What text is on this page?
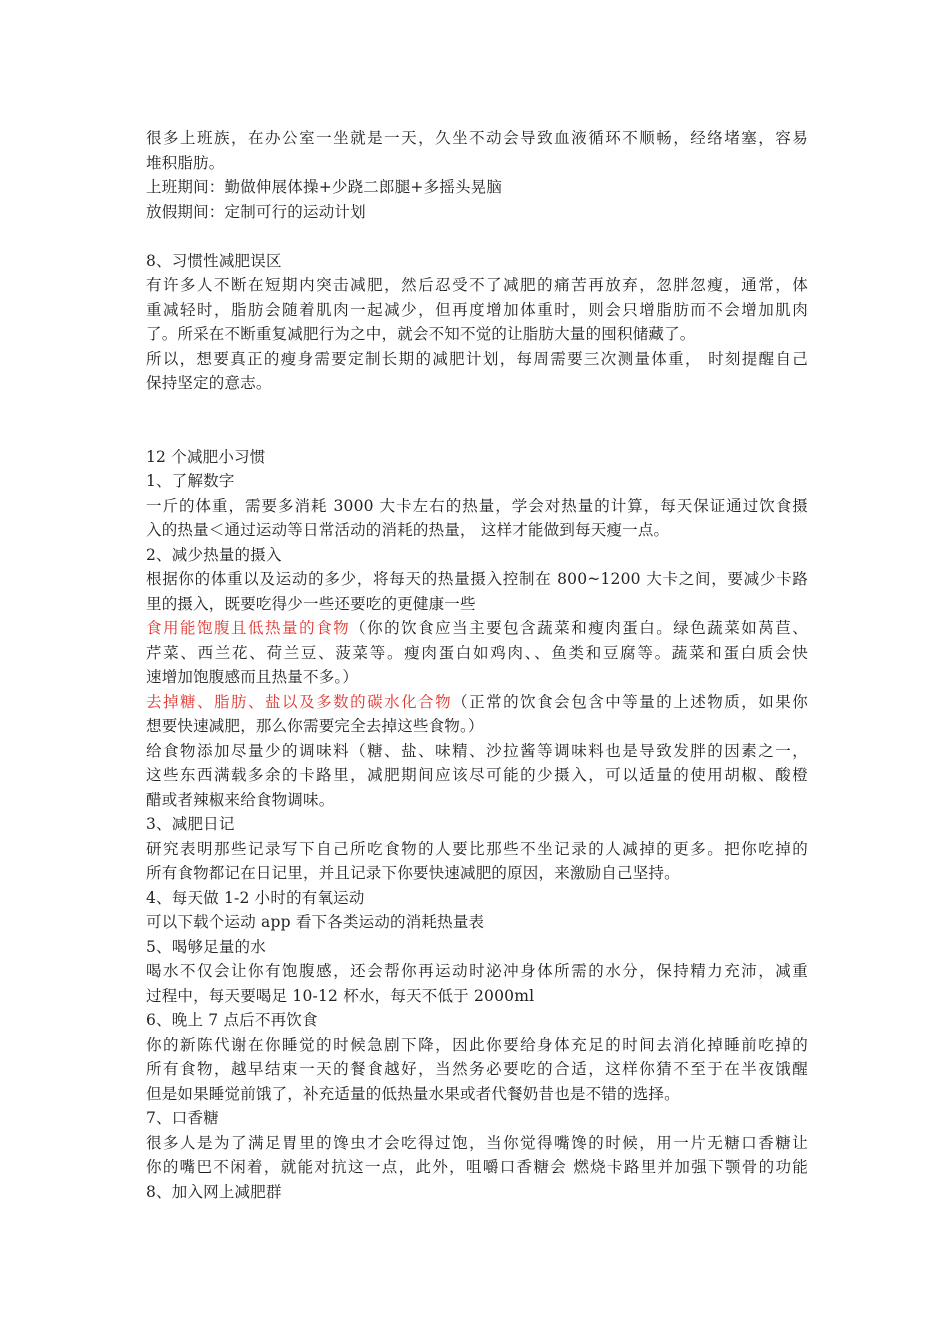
很多上班族，在办公室一坐就是一天，久坐不动会导致血液循环不顺畅，经络堵塞，容易
堆积脂肪。
上班期间：勤做伸展体操+少跷二郎腿+多摇头晃脑
放假期间：定制可行的运动计划
8、习惯性减肥误区
有许多人不断在短期内突击减肥，然后忍受不了减肥的痛苦再放弃，忽胖忽瘦，通常，体
重减轻时，脂肪会随着肌肉一起减少，但再度增加体重时，则会只增脂肪而不会增加肌肉
了。所采在不断重复减肥行为之中，就会不知不觉的让脂肪大量的囤积储藏了。
所以，想要真正的瘦身需要定制长期的减肥计划，每周需要三次测量体重， 时刻提醒自己
保持坚定的意志。
12 个减肥小习惯
1、了解数字
一斤的体重，需要多消耗 3000 大卡左右的热量，学会对热量的计算，每天保证通过饮食摄
入的热量＜通过运动等日常活动的消耗的热量， 这样才能做到每天瘦一点。
2、减少热量的摄入
根据你的体重以及运动的多少，将每天的热量摄入控制在 800~1200 大卡之间，要减少卡路
里的摄入，既要吃得少一些还要吃的更健康一些
食用能饱腹且低热量的食物（你的饮食应当主要包含蔬菜和瘦肉蛋白。绿色蔬菜如莴苣、
芹菜、西兰花、荷兰豆、菠菜等。瘦肉蛋白如鸡肉、、鱼类和豆腐等。蔬菜和蛋白质会快
速增加饱腹感而且热量不多。）
去掉糖、脂肪、盐以及多数的碳水化合物（正常的饮食会包含中等量的上述物质，如果你
想要快速减肥，那么你需要完全去掉这些食物。）
给食物添加尽量少的调味料（糖、盐、味精、沙拉酱等调味料也是导致发胖的因素之一，
这些东西满载多余的卡路里，减肥期间应该尽可能的少摄入，可以适量的使用胡椒、酸橙
醋或者辣椒来给食物调味。
3、减肥日记
研究表明那些记录写下自己所吃食物的人要比那些不坐记录的人减掉的更多。把你吃掉的
所有食物都记在日记里，并且记录下你要快速减肥的原因，来激励自己坚持。
4、每天做 1-2 小时的有氧运动
可以下载个运动 app 看下各类运动的消耗热量表
5、喝够足量的水
喝水不仅会让你有饱腹感，还会帮你再运动时泌冲身体所需的水分，保持精力充沛，减重
过程中，每天要喝足 10-12 杯水，每天不低于 2000ml
6、晚上 7 点后不再饮食
你的新陈代谢在你睡觉的时候急剧下降，因此你要给身体充足的时间去消化掉睡前吃掉的
所有食物，越早结束一天的餐食越好，当然务必要吃的合适，这样你猜不至于在半夜饿醒
但是如果睡觉前饿了，补充适量的低热量水果或者代餐奶昔也是不错的选择。
7、口香糖
很多人是为了满足胃里的馋虫才会吃得过饱，当你觉得嘴馋的时候，用一片无糖口香糖让
你的嘴巴不闲着，就能对抗这一点，此外，咀嚼口香糖会 燃烧卡路里并加强下颚骨的功能
8、加入网上减肥群
